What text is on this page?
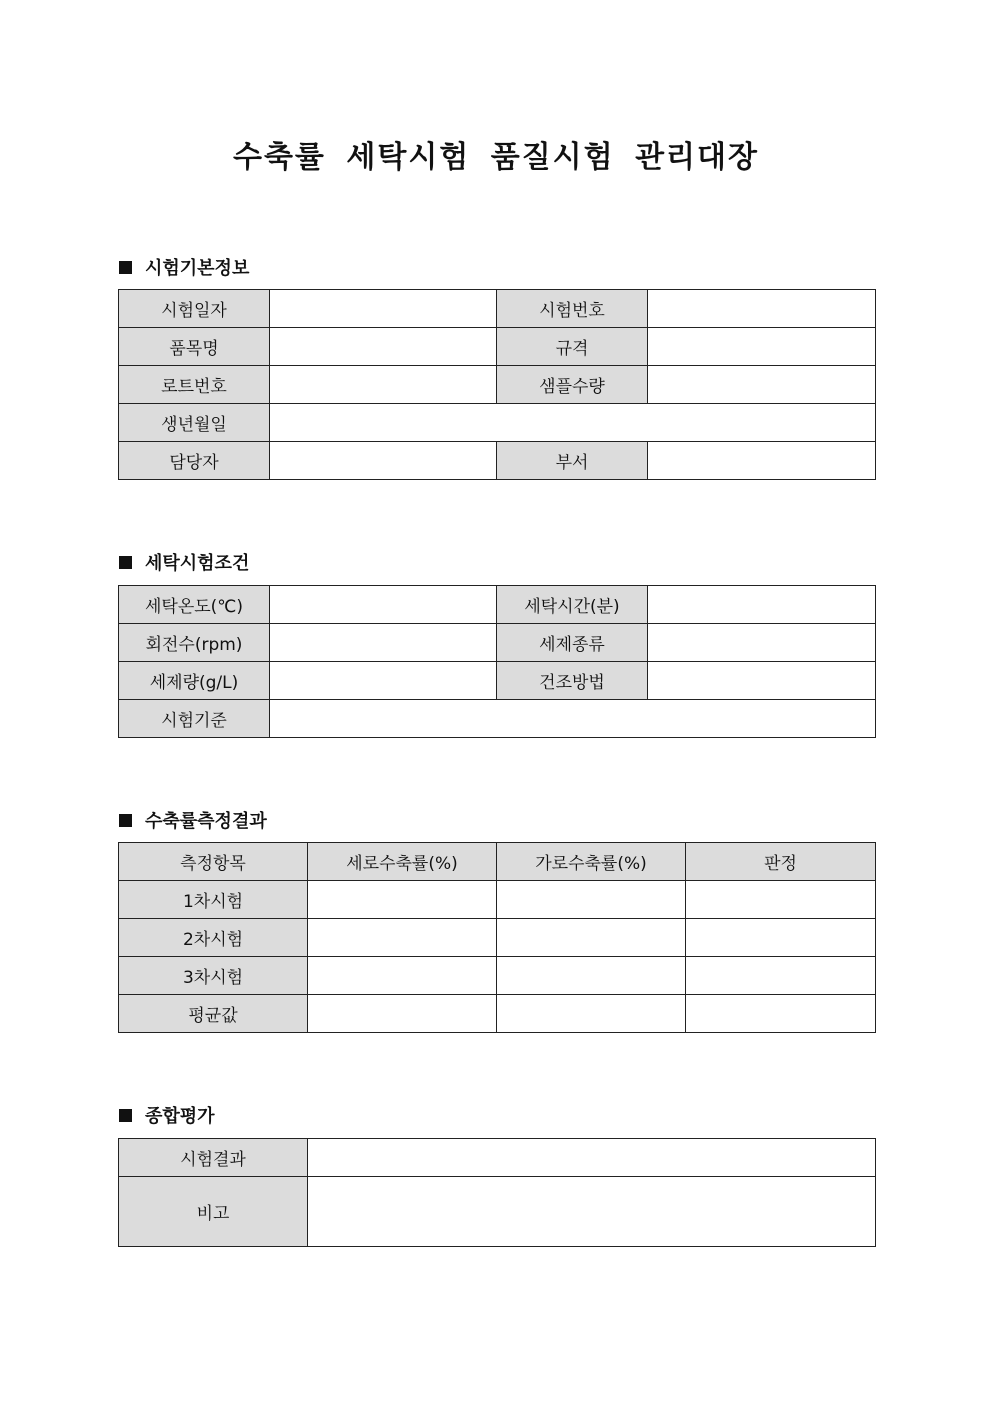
수축률 세탁시험 품질시험 관리대장
시험기본정보
시험일자		시험번호	
품목명		규격	
로트번호		샘플수량	
생년월일			
담당자		부서	
세탁시험조건
세탁온도(℃)		세탁시간(분)	
회전수(rpm)		세제종류	
세제량(g/L)		건조방법	
시험기준			
수축률측정결과
측정항목	세로수축률(%)	가로수축률(%)	판정
1차시험			
2차시험			
3차시험			
평균값			
종합평가
시험결과	
비고	
